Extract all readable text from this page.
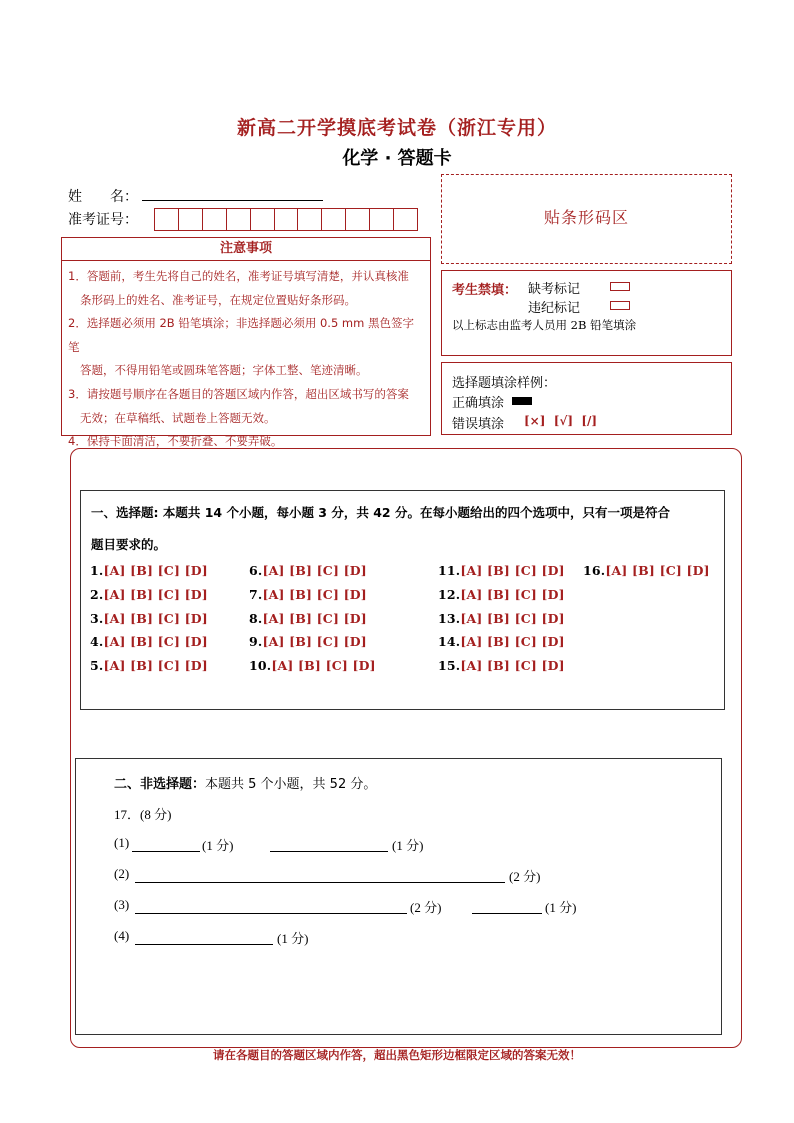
新高二开学摸底考试卷（浙江专用）
化学 · 答题卡
姓　　名：
准考证号：
注意事项
1．答题前，考生先将自己的姓名，准考证号填写清楚，并认真核准
条形码上的姓名、准考证号，在规定位置贴好条形码。
2．选择题必须用 2B 铅笔填涂；非选择题必须用 0.5 mm 黑色签字笔
答题，不得用铅笔或圆珠笔答题；字体工整、笔迹清晰。
3．请按题号顺序在各题目的答题区域内作答，超出区域书写的答案
无效；在草稿纸、试题卷上答题无效。
4．保持卡面清洁，不要折叠、不要弄破。
贴条形码区
考生禁填： 缺考标记
违纪标记
以上标志由监考人员用 2B 铅笔填涂
选择题填涂样例：
正确填涂
错误填涂 [×]  [√]  [/]
一、选择题: 本题共 14 个小题，每小题 3 分，共 42 分。在每小题给出的四个选项中，只有一项是符合
题目要求的。
1.[A] [B] [C] [D]
2.[A] [B] [C] [D]
3.[A] [B] [C] [D]
4.[A] [B] [C] [D]
5.[A] [B] [C] [D]
6.[A] [B] [C] [D]
7.[A] [B] [C] [D]
8.[A] [B] [C] [D]
9.[A] [B] [C] [D]
10.[A] [B] [C] [D]
11.[A] [B] [C] [D]
12.[A] [B] [C] [D]
13.[A] [B] [C] [D]
14.[A] [B] [C] [D]
15.[A] [B] [C] [D]
16.[A] [B] [C] [D]
二、非选择题：本题共 5 个小题，共 52 分。
17．(8 分)
(1)	(1 分)	(1 分)
(2)	(2 分)
(3)	(2 分)	(1 分)
(4)	(1 分)
请在各题目的答题区域内作答，超出黑色矩形边框限定区域的答案无效！
